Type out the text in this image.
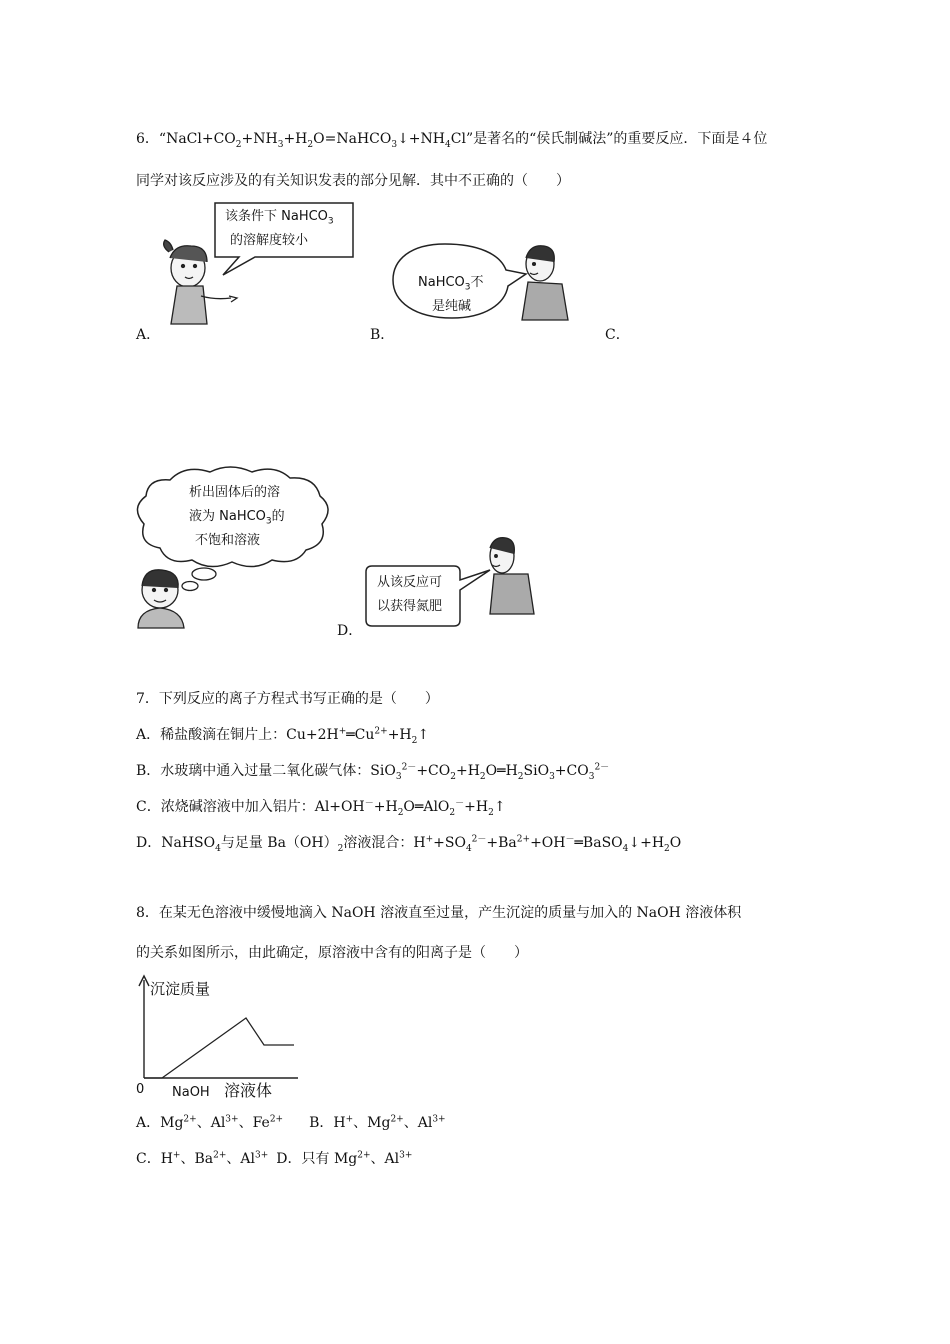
6．“$NaCl+CO_2+NH_3+H_2O=NaHCO_3↓+NH_4Cl$”是著名的“侯氏制碱法”的重要反应．下面是４位
同学对该反应涉及的有关知识发表的部分见解．其中不正确的（　　）
该条件下 NaHCO$_3$
的溶解度较小
NaHCO$_3$不
是纯碱
A．	B．	C．
析出固体后的溶
液为 NaHCO$_3$的
不饱和溶液
从该反应可
以获得氮肥
D．
7．下列反应的离子方程式书写正确的是（　　）
A．稀盐酸滴在铜片上：$Cu+2H^+═Cu^{2+}+H_2↑$
B．水玻璃中通入过量二氧化碳气体：$SiO_3^{2-}+CO_2+H_2O═H_2SiO_3+CO_3^{2-}$
C．浓烧碱溶液中加入铝片：$Al+OH^-+H_2O═AlO_2^-+H_2↑$
D．NaHSO$_4$与足量 $Ba(OH)_2$溶液混合：$H^++SO_4^{2-}+Ba^{2+}+OH^-═BaSO_4↓+H_2O$
8．在某无色溶液中缓慢地滴入 NaOH 溶液直至过量，产生沉淀的质量与加入的 NaOH 溶液体积
的关系如图所示，由此确定，原溶液中含有的阳离子是（　　）
沉淀质量
0 NaOH 溶液体
A．$Mg^{2+}$、$Al^{3+}$、$Fe^{2+}$ B．H+、$Mg^{2+}$、$Al^{3+}$
C．H+、$Ba^{2+}$、$Al^{3+}$ D．只有 $Mg^{2+}$、$Al^{3+}$
